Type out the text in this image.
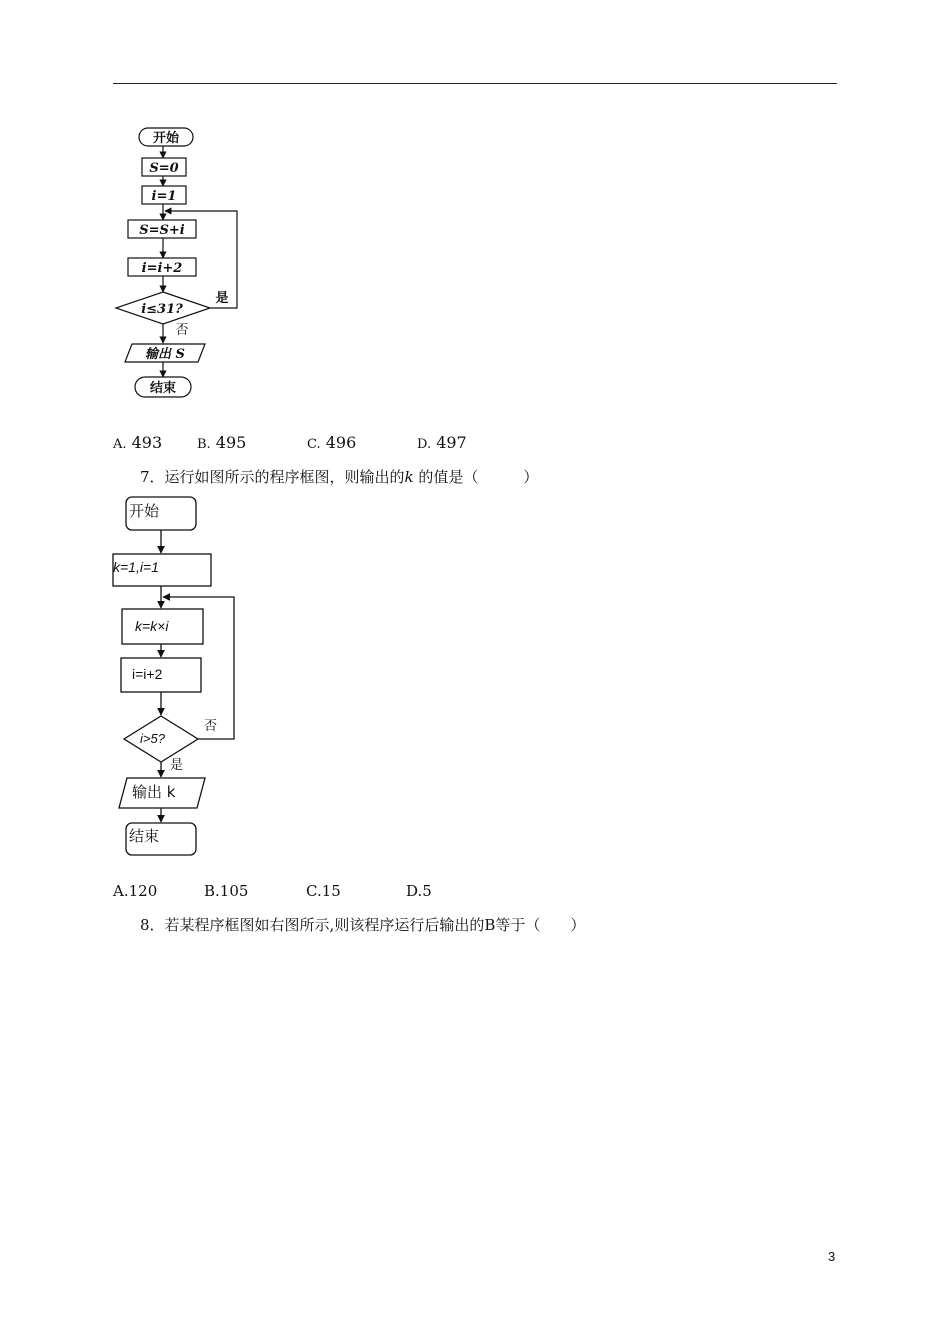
开始
S=0
i=1
S=S+i
i=i+2
i≤31?
是
否
输出 S
结束
A. 493	B. 495	C. 496	D. 497
7．运行如图所示的程序框图，则输出的k 的值是（　　　）
开始
k=1,i=1
k=k×i
i=i+2
i>5?
否
是
输出 k
结束
A.120	B.105	C.15	D.5
8．若某程序框图如右图所示,则该程序运行后输出的B等于（　　）
3
